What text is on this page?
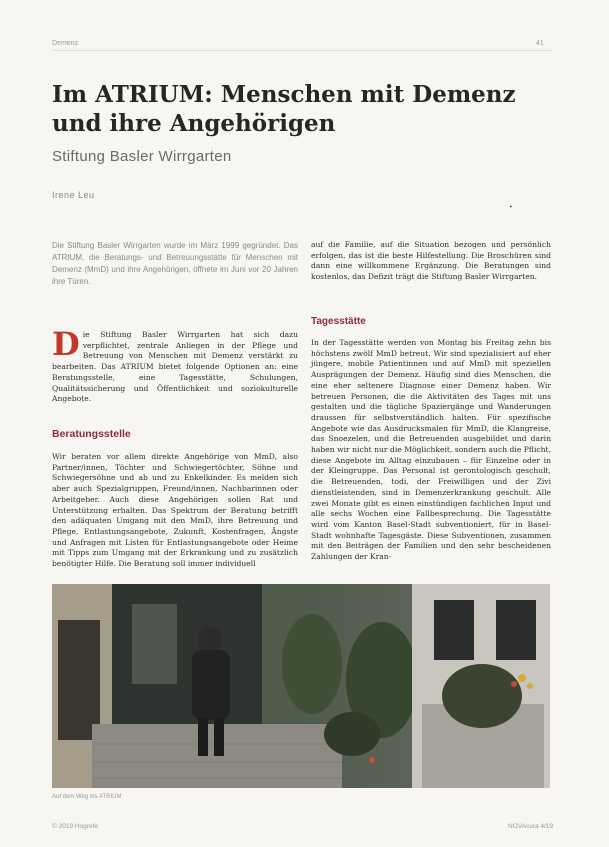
Demenz	41
Im ATRIUM: Menschen mit Demenz und ihre Angehörigen

Stiftung Basler Wirrgarten

Irene Leu
•

Die Stiftung Basler Wirrgarten wurde im März 1999 gegründet. Das ATRIUM, die Beratungs- und Betreuungsstätte für Menschen mit Demenz (MmD) und ihre Angehörigen, öffnete im Juni vor 20 Jahren ihre Türen.

D ie Stiftung Basler Wirrgarten hat sich dazu verpflichtet, zentrale Anliegen in der Pflege und Betreuung von Menschen mit Demenz verstärkt zu bearbeiten. Das ATRIUM bietet folgende Optionen an: eine Beratungsstelle, eine Tagesstätte, Schulungen, Qualitätssicherung und Öffentlichkeit und soziokulturelle Angebote.
Beratungsstelle

Wir beraten vor allem direkte Angehörige von MmD, also Partner/innen, Töchter und Schwiegertöchter, Söhne und Schwiegersöhne und ab und zu Enkelkinder. Es melden sich aber auch Spezialgruppen, Freund/innen, Nachbarinnen oder Arbeitgeber. Auch diese Angehörigen sollen Rat und Unterstützung erhalten. Das Spektrum der Beratung betrifft den adäquaten Umgang mit den MmD, ihre Betreuung und Pflege, Entlastungsangebote, Zukunft, Kostenfragen, Ängste und Anfragen mit Listen für Entlastungsangebote oder Heime mit Tipps zum Umgang mit der Erkrankung und zu zusätzlich benötigter Hilfe. Die Beratung soll immer individuell

auf die Familie, auf die Situation bezogen und persönlich erfolgen, das ist die beste Hilfestellung. Die Broschüren sind dann eine willkommene Ergänzung. Die Beratungen sind kostenlos, das Defizit trägt die Stiftung Basler Wirrgarten.

Tagesstätte

In der Tagesstätte werden von Montag bis Freitag zehn bis höchstens zwölf MmD betreut. Wir sind spezialisiert auf eher jüngere, mobile Patientinnen und auf MmD mit speziellen Ausprägungen der Demenz. Häufig sind dies Menschen, die eine eher seltenere Diagnose einer Demenz haben. Wir betreuen Personen, die die Aktivitäten des Tages mit uns gestalten und die tägliche Spaziergänge und Wanderungen draussen für selbstverständlich halten. Für spezifische Angebote wie das Ausdrucksmalen für MmD, die Klangreise, das Snoezelen, und die Betreuenden ausgebildet und darin haben wir nicht nur die Möglichkeit, sondern auch die Pflicht, diese Angebote im Alltag einzubauen – für Einzelne oder in der Kleingruppe. Das Personal ist gerontologisch geschult, die Betreuenden, todi, der Freiwilligen und der Zivi dienstleistenden, sind in Demenzerkrankung geschult. Alle zwei Monate gibt es einen einstündigen fachlichen Input und alle sechs Wochen eine Fallbesprechung. Die Tagesstätte wird vom Kanton Basel-Stadt subventioniert, für in Basel-Stadt wohnhafte Tagesgäste. Diese Subventionen, zusammen mit den Beiträgen der Familien und den sehr bescheidenen Zahlungen der Kran-

Auf dem Weg ins ATRIUM
© 2019 Hogrefe	NOVAcura 4/19
